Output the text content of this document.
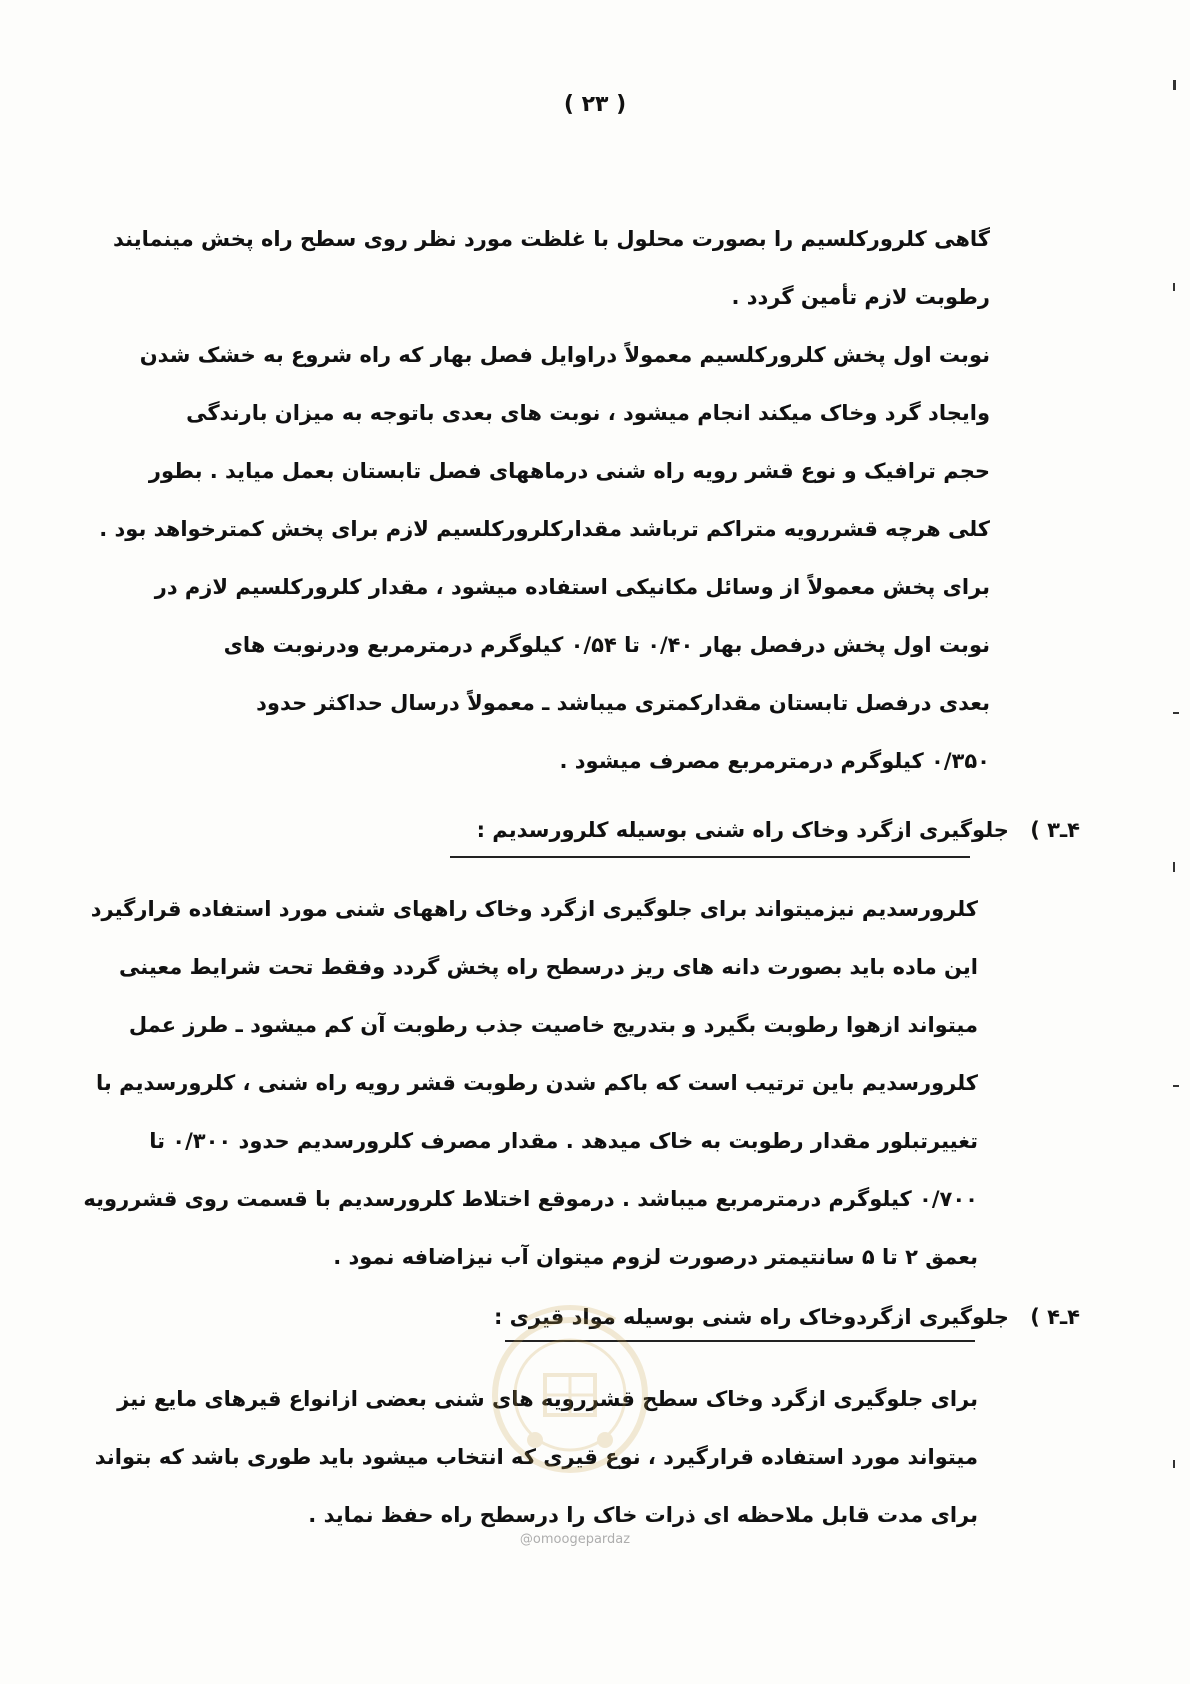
( ٢٣ )
گاهی کلرورکلسیم را بصورت محلول با غلظت مورد نظر روی سطح راه پخش مینمایند
رطوبت لازم تأمین گردد .
نوبت اول پخش کلرورکلسیم معمولاً دراوایل فصل بهار که راه شروع به خشک شدن
وایجاد گرد وخاک میکند انجام میشود ، نوبت های بعدی باتوجه به میزان بارندگی
حجم ترافیک و نوع قشر رویه راه شنی درماههای فصل تابستان بعمل میاید . بطور
کلی هرچه قشررویه متراکم ترباشد مقدارکلرورکلسیم لازم برای پخش کمترخواهد بود .
برای پخش معمولاً از وسائل مکانیکی استفاده میشود ، مقدار کلرورکلسیم لازم در
نوبت اول پخش درفصل بهار ۰/۴۰ تا ۰/۵۴ کیلوگرم درمترمربع ودرنوبت های
بعدی درفصل تابستان مقدارکمتری میباشد ـ معمولاً درسال حداکثر حدود
۰/۳۵۰ کیلوگرم درمترمربع مصرف میشود .
۴ـ۳ ) جلوگیری ازگرد وخاک راه شنی بوسیله کلرورسدیم :
کلرورسدیم نیزمیتواند برای جلوگیری ازگرد وخاک راههای شنی مورد استفاده قرارگیرد
این ماده باید بصورت دانه های ریز درسطح راه پخش گردد وفقط تحت شرایط معینی
میتواند ازهوا رطوبت بگیرد و بتدریج خاصیت جذب رطوبت آن کم میشود ـ طرز عمل
کلرورسدیم باین ترتیب است که باکم شدن رطوبت قشر رویه راه شنی ، کلرورسدیم با
تغییرتبلور مقدار رطوبت به خاک میدهد . مقدار مصرف کلرورسدیم حدود ۰/۳۰۰ تا
۰/۷۰۰ کیلوگرم درمترمربع میباشد . درموقع اختلاط کلرورسدیم با قسمت روی قشررویه
بعمق ۲ تا ۵ سانتیمتر درصورت لزوم میتوان آب نیزاضافه نمود .
۴ـ۴ ) جلوگیری ازگردوخاک راه شنی بوسیله مواد قیری :
برای جلوگیری ازگرد وخاک سطح قشررویه های شنی بعضی ازانواع قیرهای مایع نیز
میتواند مورد استفاده قرارگیرد ، نوع قیری که انتخاب میشود باید طوری باشد که بتواند
برای مدت قابل ملاحظه ای ذرات خاک را درسطح راه حفظ نماید .
@omoogepardaz
